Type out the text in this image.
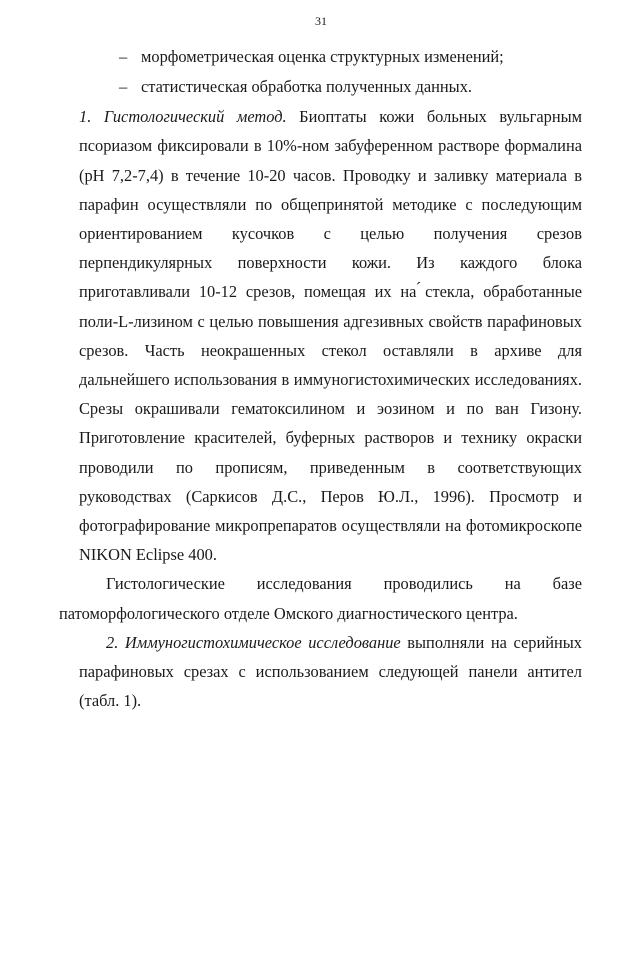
31
– морфометрическая оценка структурных изменений;
– статистическая обработка полученных данных.

1. Гистологический метод. Биоптаты кожи больных вульгарным псориазом фиксировали в 10%-ном забуференном растворе формалина (pH 7,2-7,4) в течение 10-20 часов. Проводку и заливку материала в парафин осуществляли по общепринятой методике с последующим ориентированием кусочков с целью получения срезов перпендикулярных поверхности кожи. Из каждого блока приготавливали 10-12 срезов, помещая их на ́стекла, обработанные поли-L-лизином с целью повышения адгезивных свойств парафиновых срезов. Часть неокрашенных стекол оставляли в архиве для дальнейшего использования в иммуногистохимических исследованиях. Срезы окрашивали гематоксилином и эозином и по ван Гизону. Приготовление красителей, буферных растворов и технику окраски проводили по прописям, приведенным в соответствующих руководствах (Саркисов Д.С., Перов Ю.Л., 1996). Просмотр и фотографирование микропрепаратов осуществляли на фотомикроскопе NIKON Eclipse 400.

Гистологические исследования проводились на базе патоморфологического отделе Омского диагностического центра.

2. Иммуногистохимическое исследование выполняли на серийных парафиновых срезах с использованием следующей панели антител (табл. 1).
